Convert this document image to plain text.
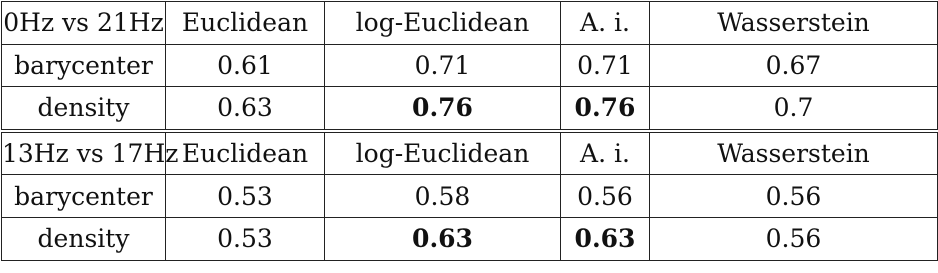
0Hz vs 21Hz	Euclidean	log-Euclidean	A. i.	Wasserstein
barycenter	0.61	0.71	0.71	0.67
density	0.63	0.76	0.76	0.7
13Hz vs 17Hz	Euclidean	log-Euclidean	A. i.	Wasserstein
barycenter	0.53	0.58	0.56	0.56
density	0.53	0.63	0.63	0.56
